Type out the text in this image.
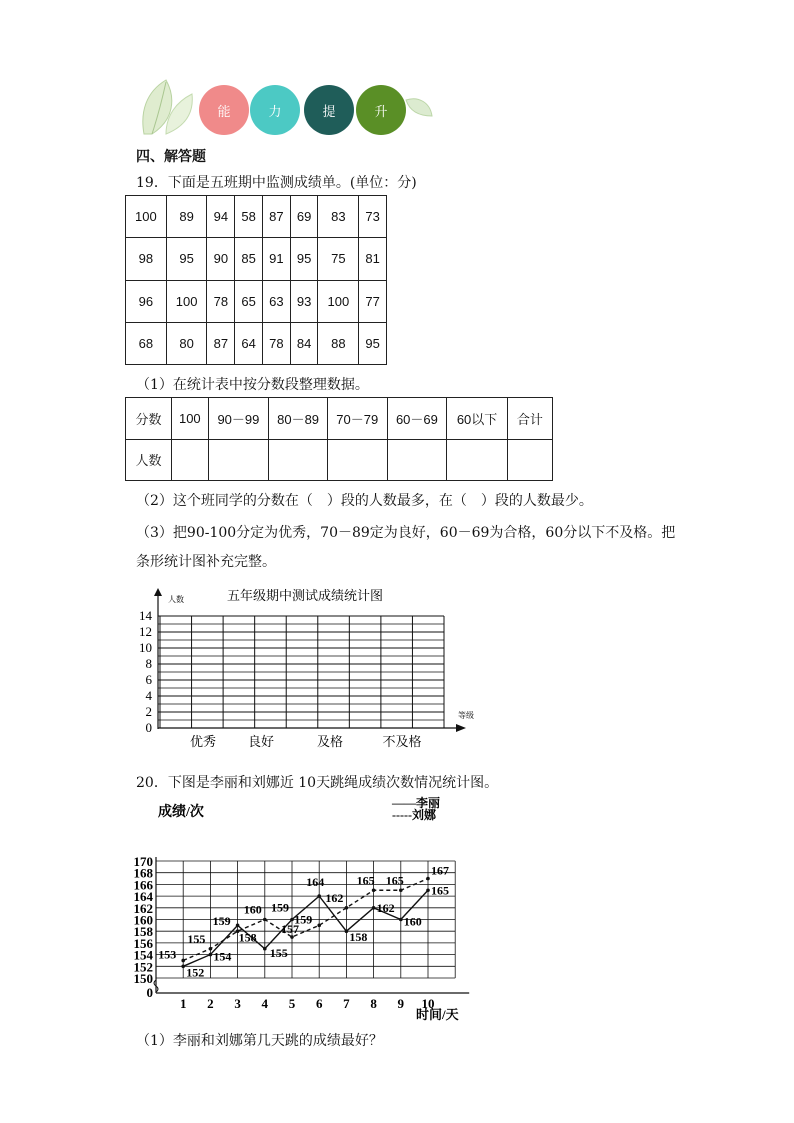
能	力	提	升
四、解答题
19．下面是五班期中监测成绩单。(单位：分)
100	89	94	58	87	69	83	73
98	95	90	85	91	95	75	81
96	100	78	65	63	93	100	77
68	80	87	64	78	84	88	95
（1）在统计表中按分数段整理数据。
分数	100	90－99	80－89	70－79	60－69	60以下	合计
人数							
（2）这个班同学的分数在（　）段的人数最多，在（　）段的人数最少。
（3）把90-100分定为优秀，70－89定为良好，60－69为合格，60分以下不及格。把
条形统计图补充完整。
五年级期中测试成绩统计图
人数
等级
0
2
4
6
8
10
12
14
优秀 良好	及格	不及格
20．下图是李丽和刘娜近 10天跳绳成绩次数情况统计图。
0
150
152
154
156
158
160
162
164
166
168
170
1 2 3 4 5 6 7 8 9 10
成绩/次
时间/天
——李丽
-----刘娜
152
154
158
155
159
164
158
162
160
165
153
155
159
160
157
159
162
165 165
167
（1）李丽和刘娜第几天跳的成绩最好？
